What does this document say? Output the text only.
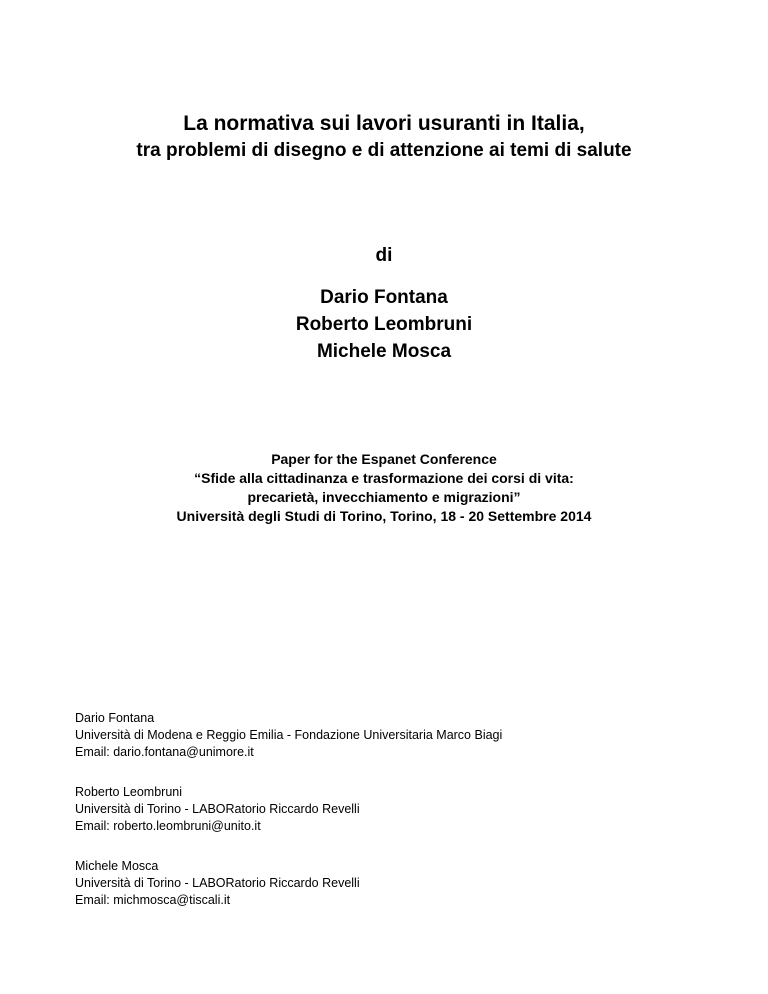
La normativa sui lavori usuranti in Italia,
tra problemi di disegno e di attenzione ai temi di salute
di
Dario Fontana
Roberto Leombruni
Michele Mosca
Paper for the Espanet Conference
“Sfide alla cittadinanza e trasformazione dei corsi di vita:
precarietà, invecchiamento e migrazioni”
Università degli Studi di Torino, Torino, 18 - 20 Settembre 2014
Dario Fontana
Università di Modena e Reggio Emilia - Fondazione Universitaria Marco Biagi
Email: dario.fontana@unimore.it
Roberto Leombruni
Università di Torino - LABORatorio Riccardo Revelli
Email: roberto.leombruni@unito.it
Michele Mosca
Università di Torino - LABORatorio Riccardo Revelli
Email: michmosca@tiscali.it
